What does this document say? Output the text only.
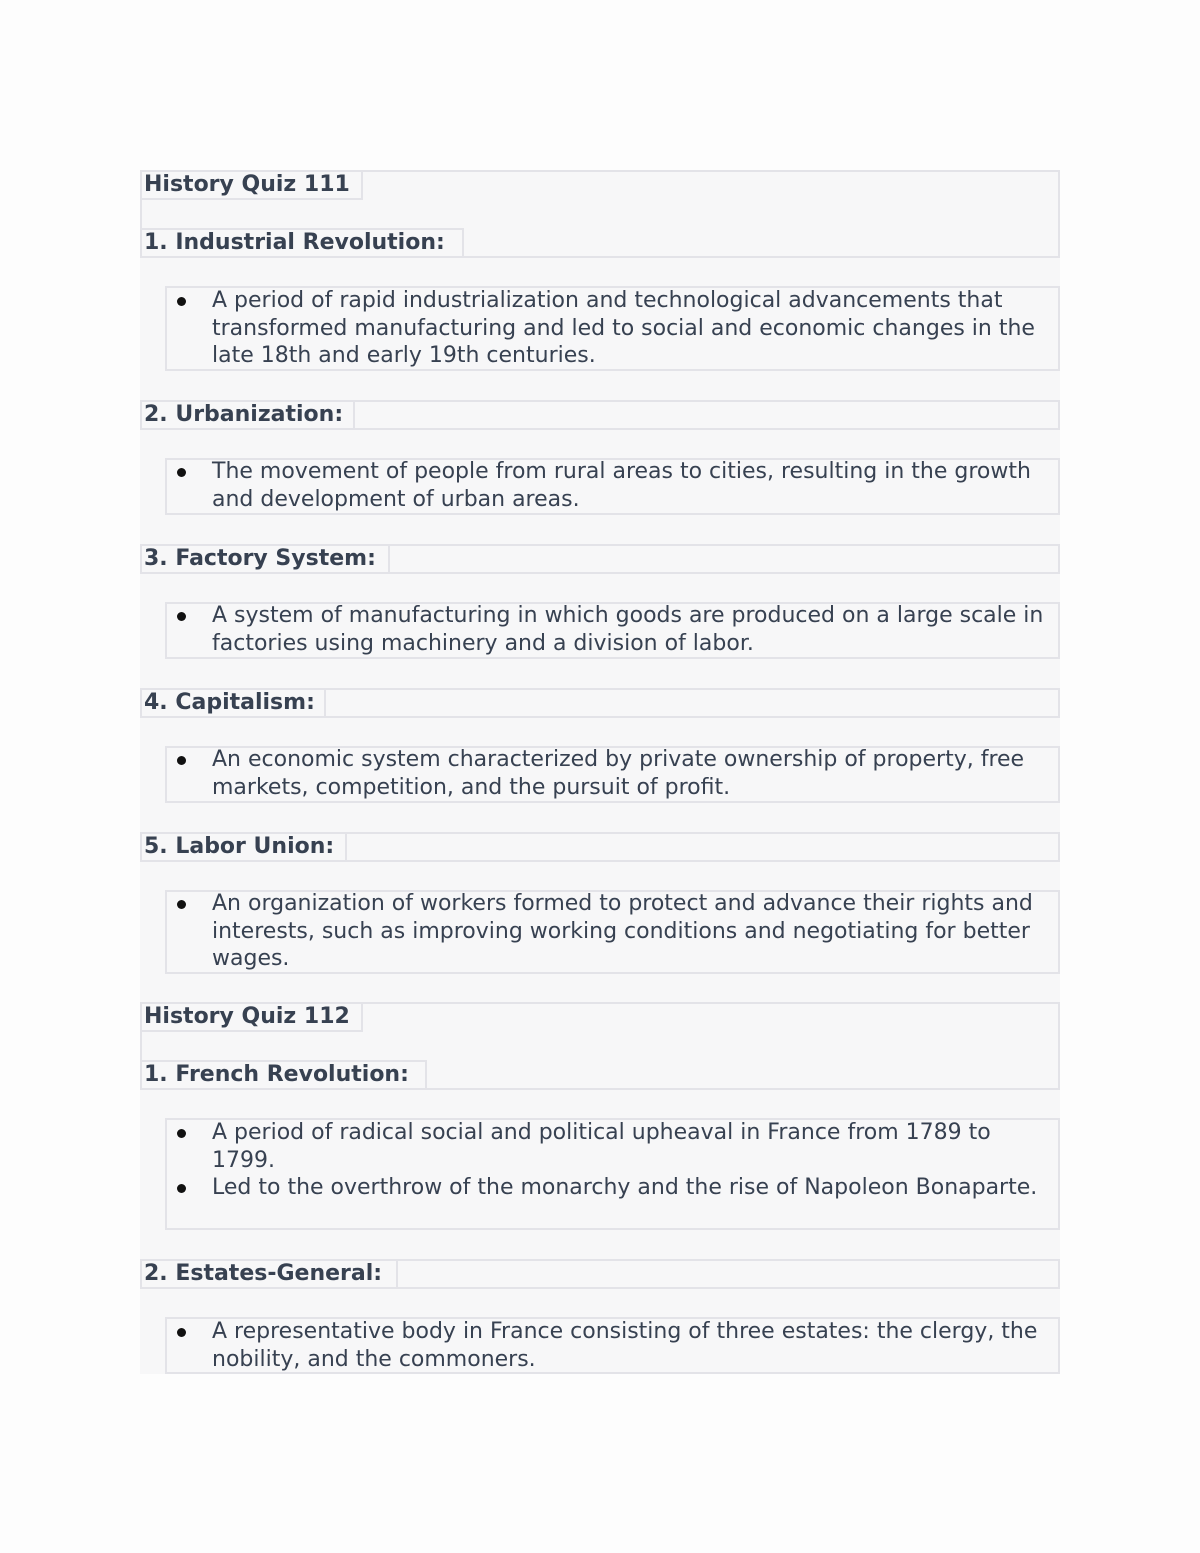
History Quiz 111
1. Industrial Revolution:
A period of rapid industrialization and technological advancements that transformed manufacturing and led to social and economic changes in the late 18th and early 19th centuries.
2. Urbanization:
The movement of people from rural areas to cities, resulting in the growth and development of urban areas.
3. Factory System:
A system of manufacturing in which goods are produced on a large scale in factories using machinery and a division of labor.
4. Capitalism:
An economic system characterized by private ownership of property, free markets, competition, and the pursuit of profit.
5. Labor Union:
An organization of workers formed to protect and advance their rights and interests, such as improving working conditions and negotiating for better wages.
History Quiz 112
1. French Revolution:
A period of radical social and political upheaval in France from 1789 to 1799.
Led to the overthrow of the monarchy and the rise of Napoleon Bonaparte.
2. Estates-General:
A representative body in France consisting of three estates: the clergy, the nobility, and the commoners.
